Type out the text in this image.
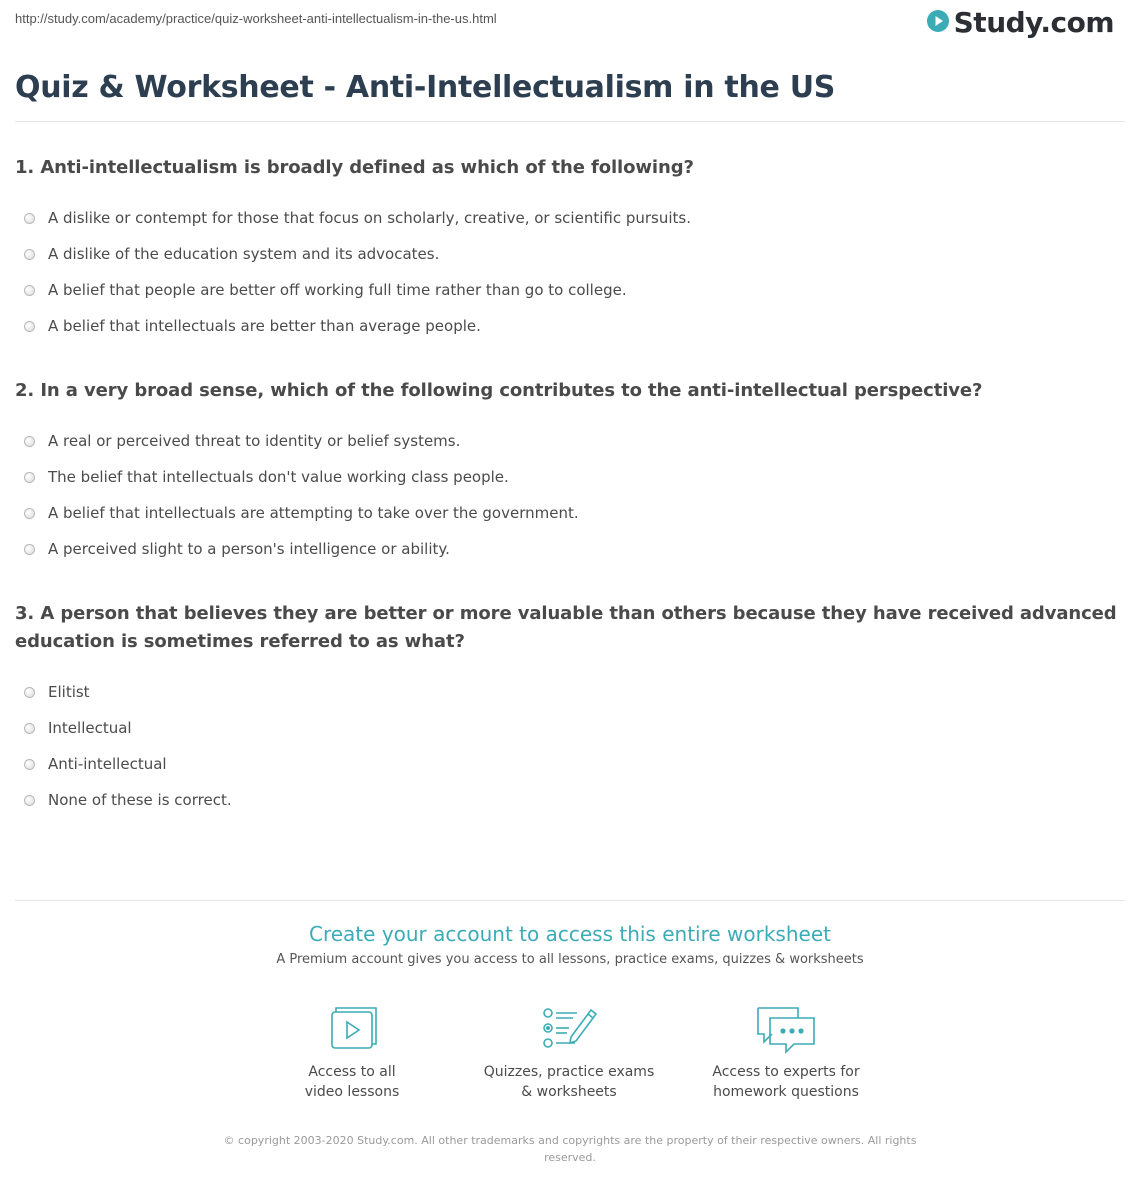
http://study.com/academy/practice/quiz-worksheet-anti-intellectualism-in-the-us.html	Study.com
Quiz & Worksheet - Anti-Intellectualism in the US

1. Anti-intellectualism is broadly defined as which of the following?

A dislike or contempt for those that focus on scholarly, creative, or scientific pursuits.
A dislike of the education system and its advocates.
A belief that people are better off working full time rather than go to college.
A belief that intellectuals are better than average people.

2. In a very broad sense, which of the following contributes to the anti-intellectual perspective?

A real or perceived threat to identity or belief systems.
The belief that intellectuals don't value working class people.
A belief that intellectuals are attempting to take over the government.
A perceived slight to a person's intelligence or ability.

3. A person that believes they are better or more valuable than others because they have received advanced education is sometimes referred to as what?

Elitist
Intellectual
Anti-intellectual
None of these is correct.
Create your account to access this entire worksheet
A Premium account gives you access to all lessons, practice exams, quizzes & worksheets
Access to all
video lessons
Quizzes, practice exams
& worksheets
Access to experts for
homework questions
© copyright 2003-2020 Study.com. All other trademarks and copyrights are the property of their respective owners. All rights
reserved.
